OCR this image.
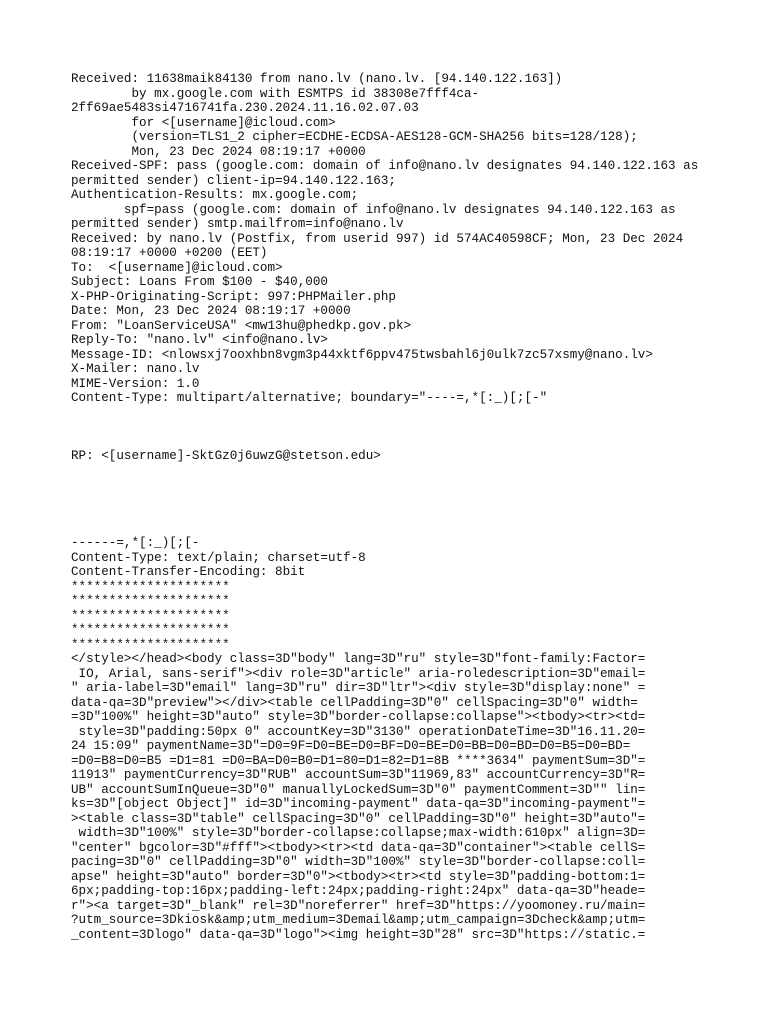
Received: 11638maik84130 from nano.lv (nano.lv. [94.140.122.163])
by mx.google.com with ESMTPS id 38308e7fff4ca-
2ff69ae5483si4716741fa.230.2024.11.16.02.07.03
for <[username]@icloud.com>
(version=TLS1_2 cipher=ECDHE-ECDSA-AES128-GCM-SHA256 bits=128/128);
Mon, 23 Dec 2024 08:19:17 +0000
Received-SPF: pass (google.com: domain of info@nano.lv designates 94.140.122.163 as
permitted sender) client-ip=94.140.122.163;
Authentication-Results: mx.google.com;
spf=pass (google.com: domain of info@nano.lv designates 94.140.122.163 as
permitted sender) smtp.mailfrom=info@nano.lv
Received: by nano.lv (Postfix, from userid 997) id 574AC40598CF; Mon, 23 Dec 2024
08:19:17 +0000 +0200 (EET)
To:  <[username]@icloud.com>
Subject: Loans From $100 - $40,000
X-PHP-Originating-Script: 997:PHPMailer.php
Date: Mon, 23 Dec 2024 08:19:17 +0000
From: "LoanServiceUSA" <mw13hu@phedkp.gov.pk>
Reply-To: "nano.lv" <info@nano.lv>
Message-ID: <nlowsxj7ooxhbn8vgm3p44xktf6ppv475twsbahl6j0ulk7zc57xsmy@nano.lv>
X-Mailer: nano.lv
MIME-Version: 1.0
Content-Type: multipart/alternative; boundary="----=,*[:_)[;[-"
RP: <[username]-SktGz0j6uwzG@stetson.edu>
------=,*[:_)[;[-
Content-Type: text/plain; charset=utf-8
Content-Transfer-Encoding: 8bit
*********************
*********************
*********************
*********************
*********************
</style></head><body class=3D"body" lang=3D"ru" style=3D"font-family:Factor=
IO, Arial, sans-serif"><div role=3D"article" aria-roledescription=3D"email=
" aria-label=3D"email" lang=3D"ru" dir=3D"ltr"><div style=3D"display:none" =
data-qa=3D"preview"></div><table cellPadding=3D"0" cellSpacing=3D"0" width=
=3D"100%" height=3D"auto" style=3D"border-collapse:collapse"><tbody><tr><td=
style=3D"padding:50px 0" accountKey=3D"3130" operationDateTime=3D"16.11.20=
24 15:09" paymentName=3D"=D0=9F=D0=BE=D0=BF=D0=BE=D0=BB=D0=BD=D0=B5=D0=BD=
=D0=B8=D0=B5 =D1=81 =D0=BA=D0=B0=D1=80=D1=82=D1=8B ****3634" paymentSum=3D"=
11913" paymentCurrency=3D"RUB" accountSum=3D"11969,83" accountCurrency=3D"R=
UB" accountSumInQueue=3D"0" manuallyLockedSum=3D"0" paymentComment=3D"" lin=
ks=3D"[object Object]" id=3D"incoming-payment" data-qa=3D"incoming-payment"=
><table class=3D"table" cellSpacing=3D"0" cellPadding=3D"0" height=3D"auto"=
width=3D"100%" style=3D"border-collapse:collapse;max-width:610px" align=3D=
"center" bgcolor=3D"#fff"><tbody><tr><td data-qa=3D"container"><table cellS=
pacing=3D"0" cellPadding=3D"0" width=3D"100%" style=3D"border-collapse:coll=
apse" height=3D"auto" border=3D"0"><tbody><tr><td style=3D"padding-bottom:1=
6px;padding-top:16px;padding-left:24px;padding-right:24px" data-qa=3D"heade=
r"><a target=3D"_blank" rel=3D"noreferrer" href=3D"https://yoomoney.ru/main=
?utm_source=3Dkiosk&amp;utm_medium=3Demail&amp;utm_campaign=3Dcheck&amp;utm=
_content=3Dlogo" data-qa=3D"logo"><img height=3D"28" src=3D"https://static.=
